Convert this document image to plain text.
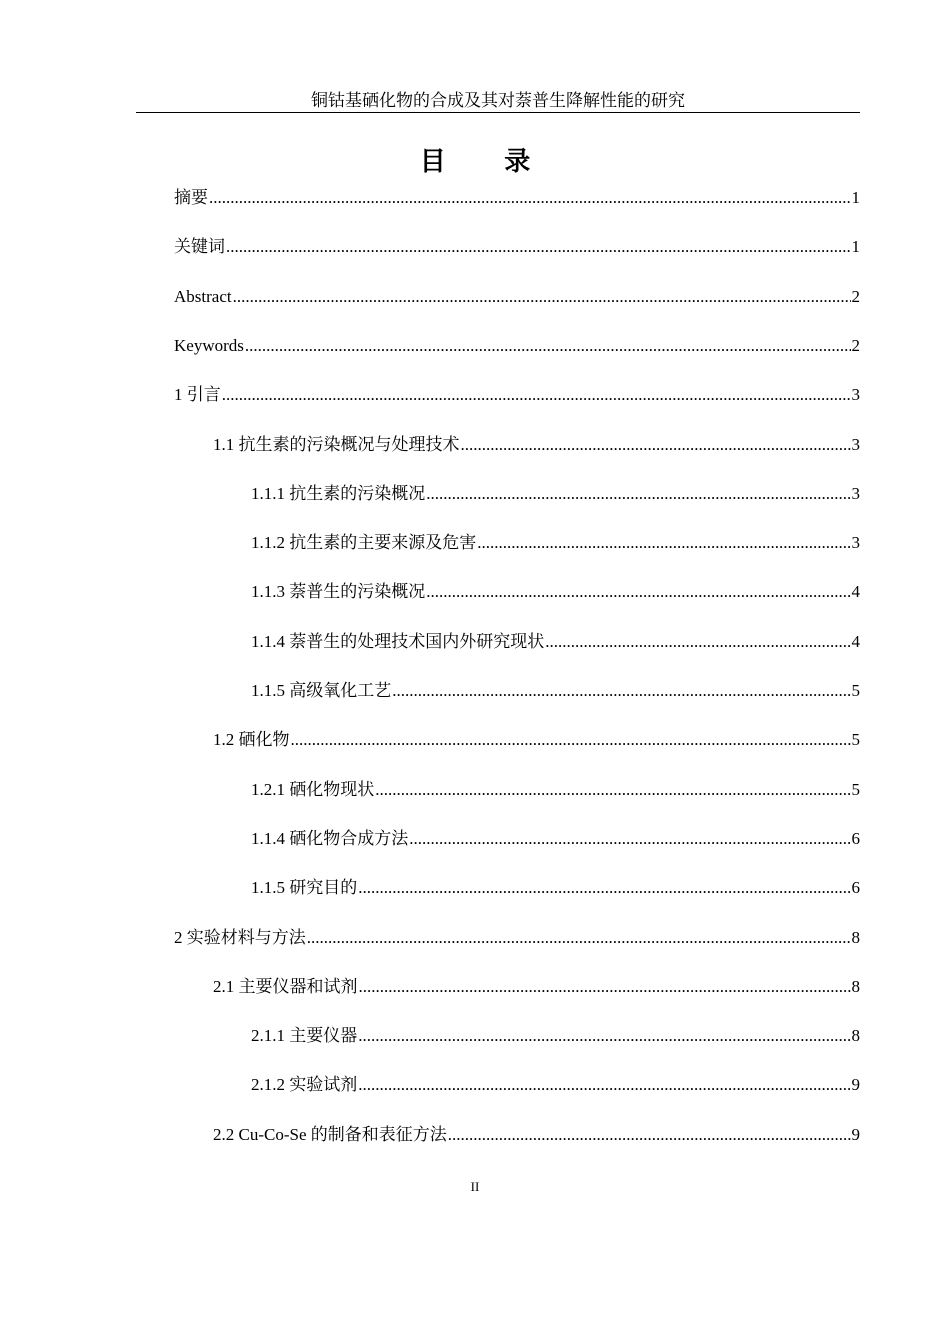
铜钴基硒化物的合成及其对萘普生降解性能的研究
目 录
摘要 .....	1
关键词 .....	1
Abstract .....	2
Keywords .....	2
1 引言 .....	3
1.1 抗生素的污染概况与处理技术 .....	3
1.1.1 抗生素的污染概况 .....	3
1.1.2 抗生素的主要来源及危害 .....	3
1.1.3 萘普生的污染概况 .....	4
1.1.4 萘普生的处理技术国内外研究现状 .....	4
1.1.5 高级氧化工艺 .....	5
1.2 硒化物 .....	5
1.2.1 硒化物现状 .....	5
1.1.4 硒化物合成方法 .....	6
1.1.5 研究目的 .....	6
2 实验材料与方法 .....	8
2.1 主要仪器和试剂 .....	8
2.1.1 主要仪器 .....	8
2.1.2 实验试剂 .....	9
2.2 Cu-Co-Se 的制备和表征方法 .....	9
II
